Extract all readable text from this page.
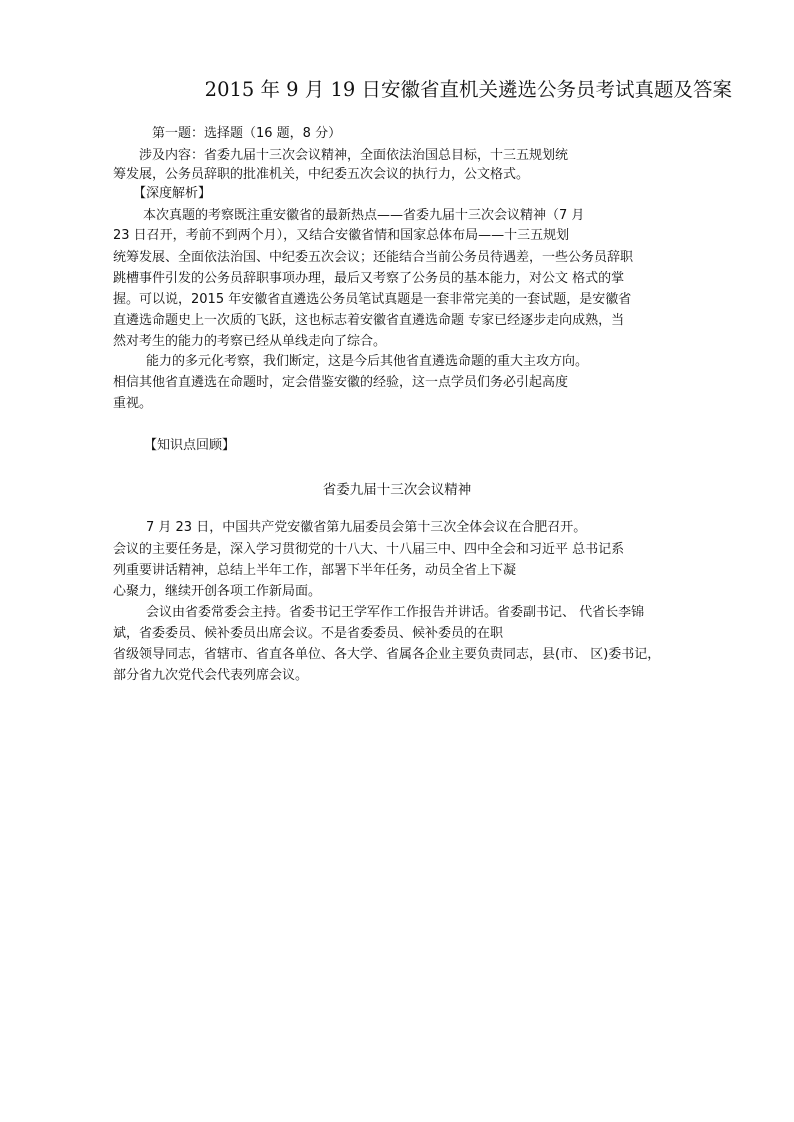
2015 年 9 月 19 日安徽省直机关遴选公务员考试真题及答案
第一题：选择题（16 题，8 分）
涉及内容：省委九届十三次会议精神，全面依法治国总目标，十三五规划统
筹发展，公务员辞职的批准机关，中纪委五次会议的执行力，公文格式。
【深度解析】
本次真题的考察既注重安徽省的最新热点——省委九届十三次会议精神（7 月
23 日召开，考前不到两个月），又结合安徽省情和国家总体布局——十三五规划
统筹发展、全面依法治国、中纪委五次会议；还能结合当前公务员待遇差，一些公务员辞职
跳槽事件引发的公务员辞职事项办理，最后又考察了公务员的基本能力，对公文 格式的掌
握。可以说，2015 年安徽省直遴选公务员笔试真题是一套非常完美的一套试题，是安徽省
直遴选命题史上一次质的飞跃，这也标志着安徽省直遴选命题 专家已经逐步走向成熟，当
然对考生的能力的考察已经从单线走向了综合。
能力的多元化考察，我们断定，这是今后其他省直遴选命题的重大主攻方向。
相信其他省直遴选在命题时，定会借鉴安徽的经验，这一点学员们务必引起高度
重视。
【知识点回顾】
省委九届十三次会议精神
7 月 23 日，中国共产党安徽省第九届委员会第十三次全体会议在合肥召开。
会议的主要任务是，深入学习贯彻党的十八大、十八届三中、四中全会和习近平 总书记系
列重要讲话精神，总结上半年工作，部署下半年任务，动员全省上下凝
心聚力，继续开创各项工作新局面。
会议由省委常委会主持。省委书记王学军作工作报告并讲话。省委副书记、 代省长李锦
斌，省委委员、候补委员出席会议。不是省委委员、候补委员的在职
省级领导同志，省辖市、省直各单位、各大学、省属各企业主要负责同志，县(市、 区)委书记，
部分省九次党代会代表列席会议。
